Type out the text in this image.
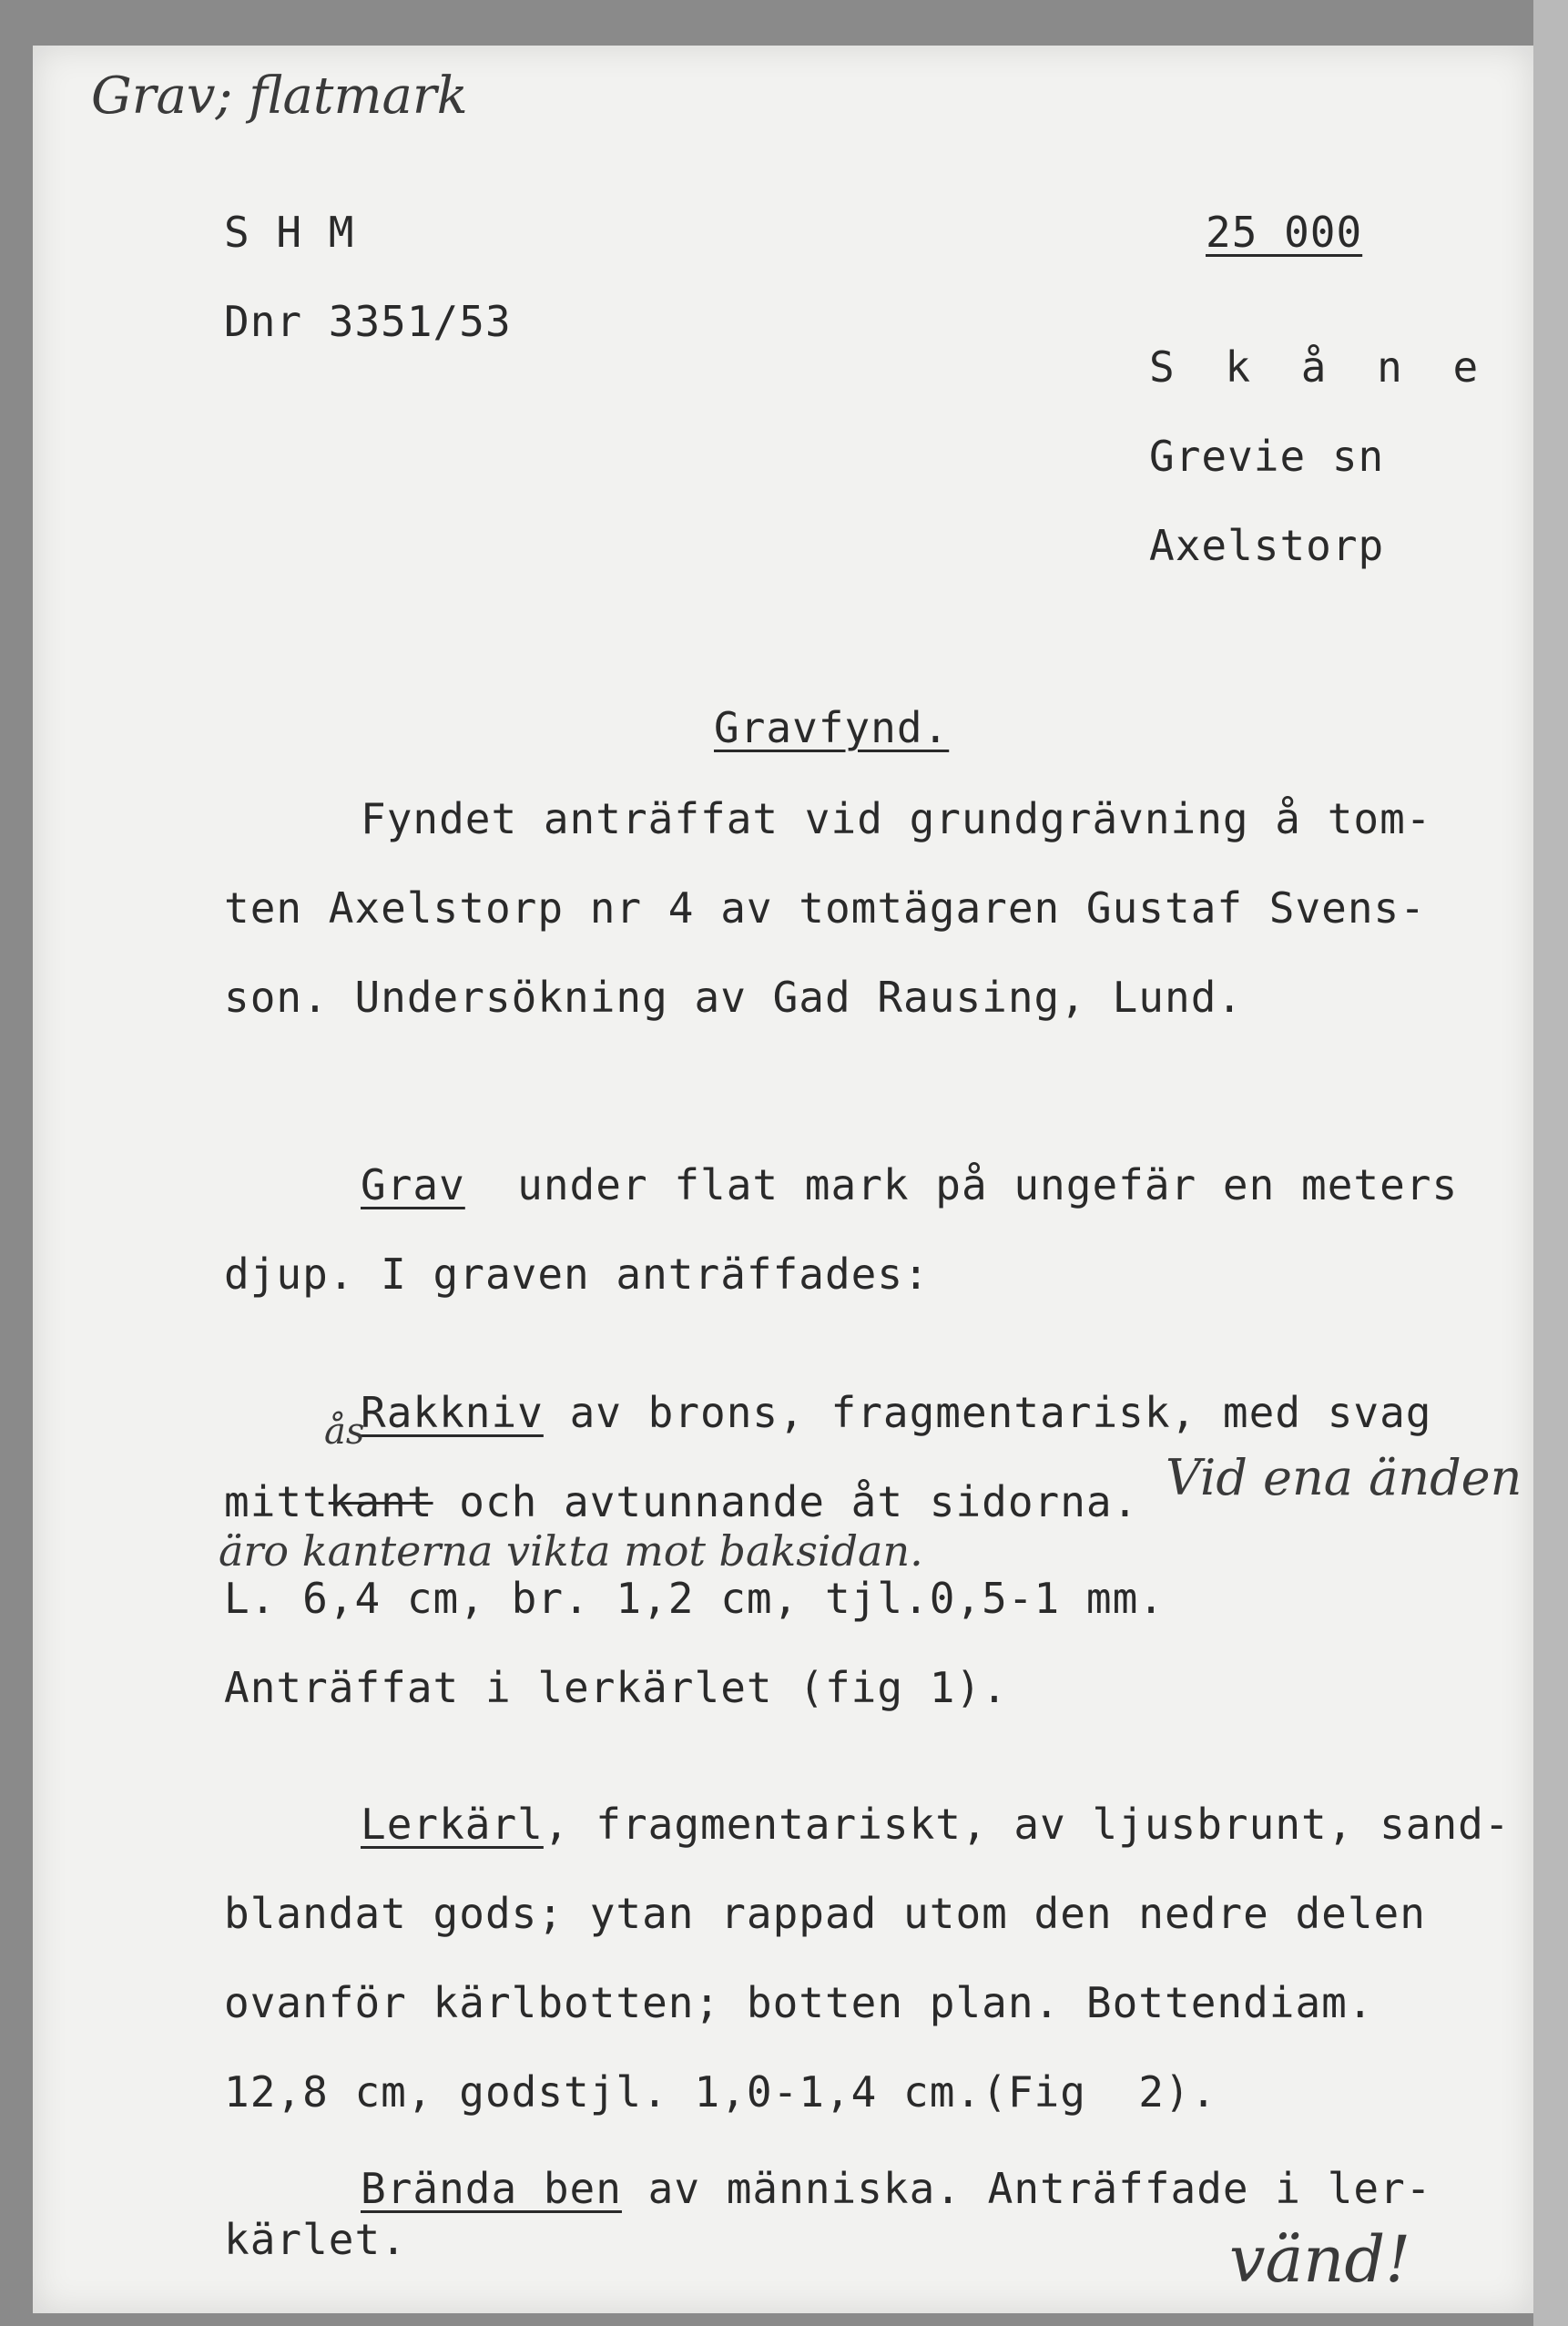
Grav; flatmark
S H M	25 000
Dnr 3351/53
S k å n e
Grevie sn
Axelstorp
Gravfynd.
Fyndet anträffat vid grundgrävning å tom-
ten Axelstorp nr 4 av tomtägaren Gustaf Svens-
son. Undersökning av Gad Rausing, Lund.
Grav  under flat mark på ungefär en meters
djup. I graven anträffades:
Rakkniv av brons, fragmentarisk, med svag
ås
mittkant och avtunnande åt sidorna. Vid ena änden
äro kanterna vikta mot baksidan.
L. 6,4 cm, br. 1,2 cm, tjl.0,5-1 mm.
Anträffat i lerkärlet (fig 1).
Lerkärl, fragmentariskt, av ljusbrunt, sand-
blandat gods; ytan rappad utom den nedre delen
ovanför kärlbotten; botten plan. Bottendiam.
12,8 cm, godstjl. 1,0-1,4 cm.(Fig  2).
Brända ben av människa. Anträffade i ler-
kärlet.	vänd!
